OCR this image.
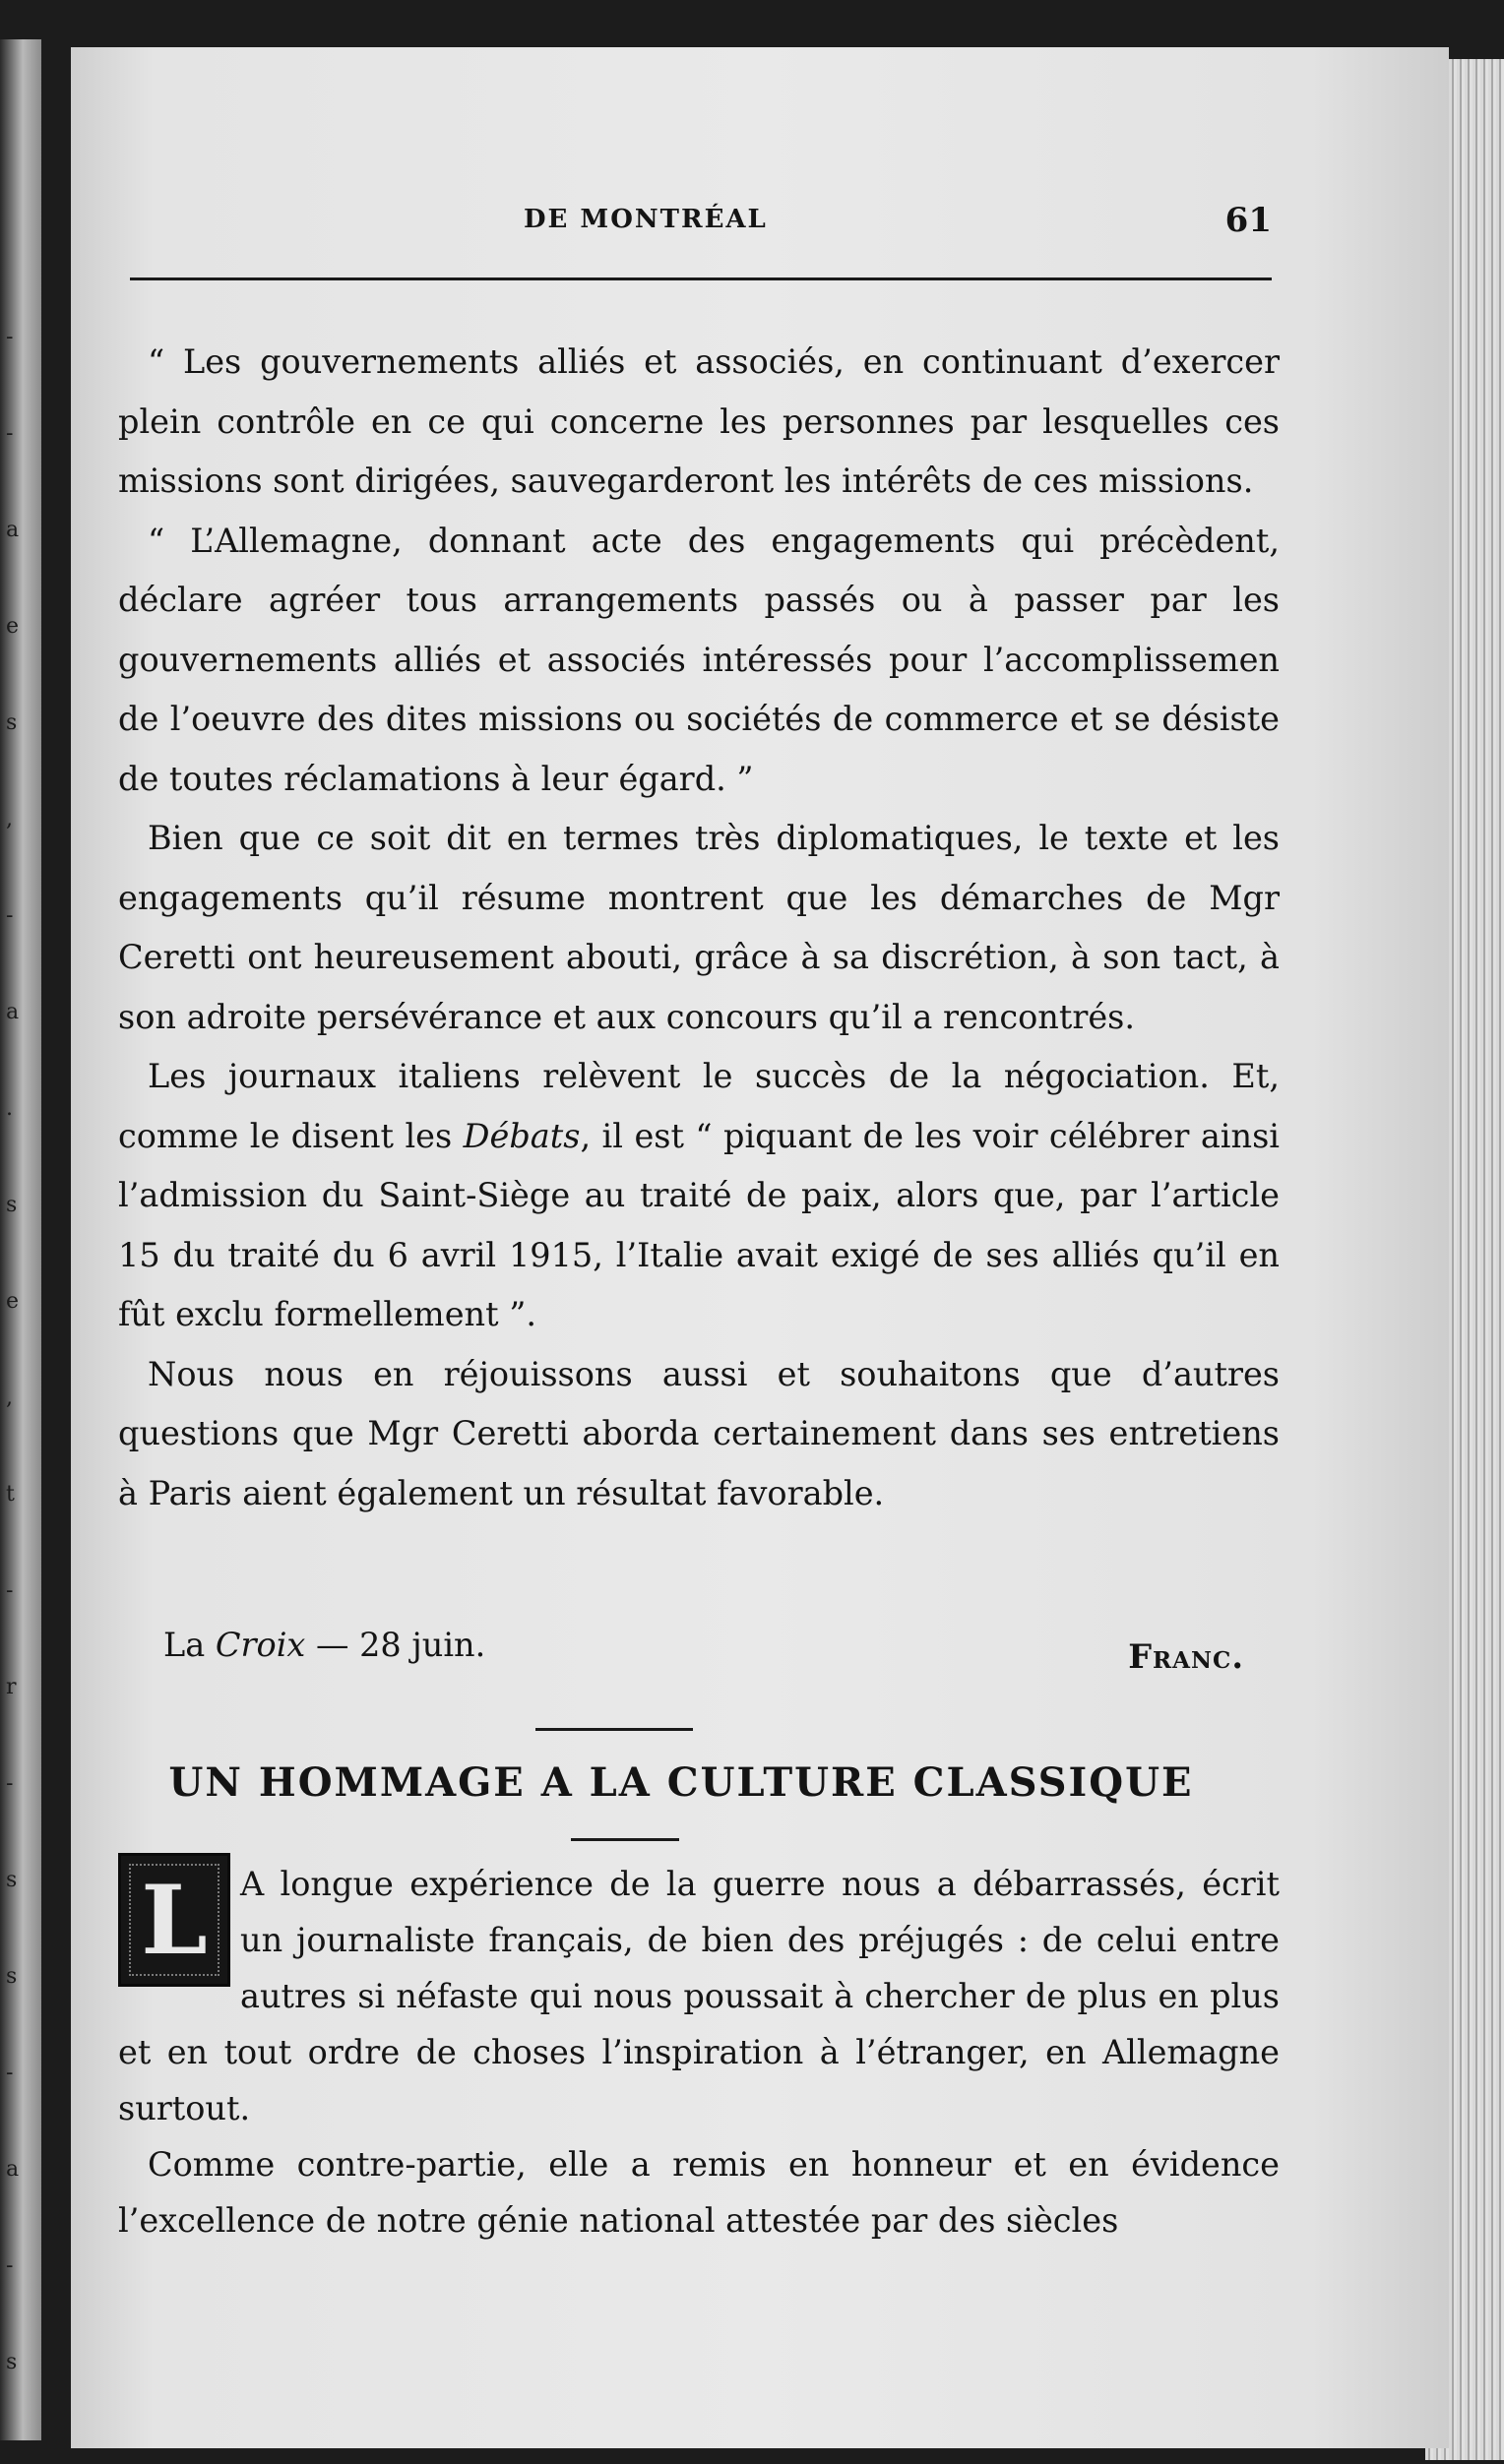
-
-
a
e
s
,
-
a
.
s
e
,
t
-
r
-
s
s
-
a
-
s
DE MONTRÉAL	61

“ Les gouvernements alliés et associés, en continuant d’exercer plein contrôle en ce qui concerne les personnes par lesquelles ces missions sont dirigées, sauvegarderont les intérêts de ces missions.

“ L’Allemagne, donnant acte des engagements qui précèdent, déclare agréer tous arrangements passés ou à passer par les gouvernements alliés et associés intéressés pour l’accomplissemen de l’oeuvre des dites missions ou sociétés de commerce et se désiste de toutes réclamations à leur égard. ”

Bien que ce soit dit en termes très diplomatiques, le texte et les engagements qu’il résume montrent que les démarches de Mgr Ceretti ont heureusement abouti, grâce à sa discrétion, à son tact, à son adroite persévérance et aux concours qu’il a rencontrés.

Les journaux italiens relèvent le succès de la négociation. Et, comme le disent les Débats, il est “ piquant de les voir célébrer ainsi l’admission du Saint-Siège au traité de paix, alors que, par l’article 15 du traité du 6 avril 1915, l’Italie avait exigé de ses alliés qu’il en fût exclu formellement ”.

Nous nous en réjouissons aussi et souhaitons que d’autres questions que Mgr Ceretti aborda certainement dans ses entretiens à Paris aient également un résultat favorable.

La Croix — 28 juin.	Franc.
UN HOMMAGE A LA CULTURE CLASSIQUE

A longue expérience de la guerre nous a débarrassés, écrit un journaliste français, de bien des préjugés : de celui entre autres si néfaste qui nous poussait à chercher de plus en plus et en tout ordre de choses l’inspiration à l’étranger, en Allemagne surtout.

Comme contre-partie, elle a remis en honneur et en évidence l’excellence de notre génie national attestée par des siècles

L
